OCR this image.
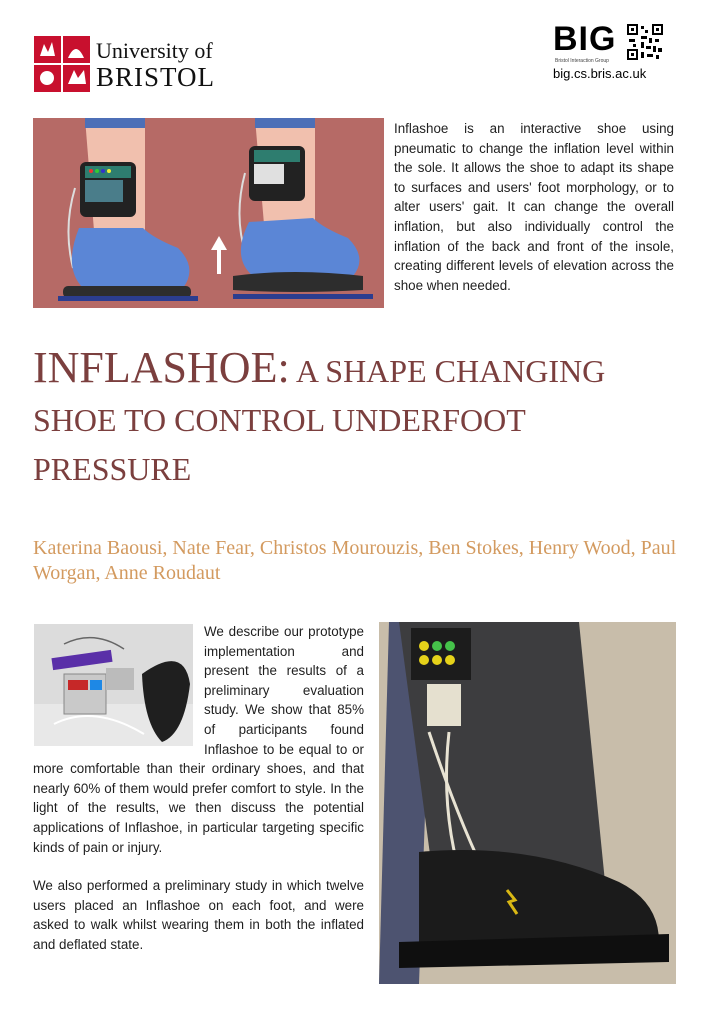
University of
BRISTOL
BIG
Bristol Interaction Group
big.cs.bris.ac.uk
Inflashoe is an interactive shoe using pneumatic to change the inflation level within the sole. It allows the shoe to adapt its shape to surfaces and users' foot morphology, or to alter users' gait. It can change the overall inflation, but also individually control the inflation of the back and front of the insole, creating different levels of elevation across the shoe when needed.
INFLASHOE: A SHAPE CHANGING SHOE TO CONTROL UNDERFOOT PRESSURE
Katerina Baousi, Nate Fear, Christos Mourouzis, Ben Stokes, Henry Wood, Paul Worgan, Anne Roudaut

We describe our prototype implementation and present the results of a preliminary evaluation study. We show that 85% of participants found Inflashoe to be equal to or more comfortable than their ordinary shoes, and that nearly 60% of them would prefer comfort to style. In the light of the results, we then discuss the potential applications of Inflashoe, in particular targeting specific kinds of pain or injury.

We also performed a preliminary study in which twelve users placed an Inflashoe on each foot, and were asked to walk whilst wearing them in both the inflated and deflated state.
